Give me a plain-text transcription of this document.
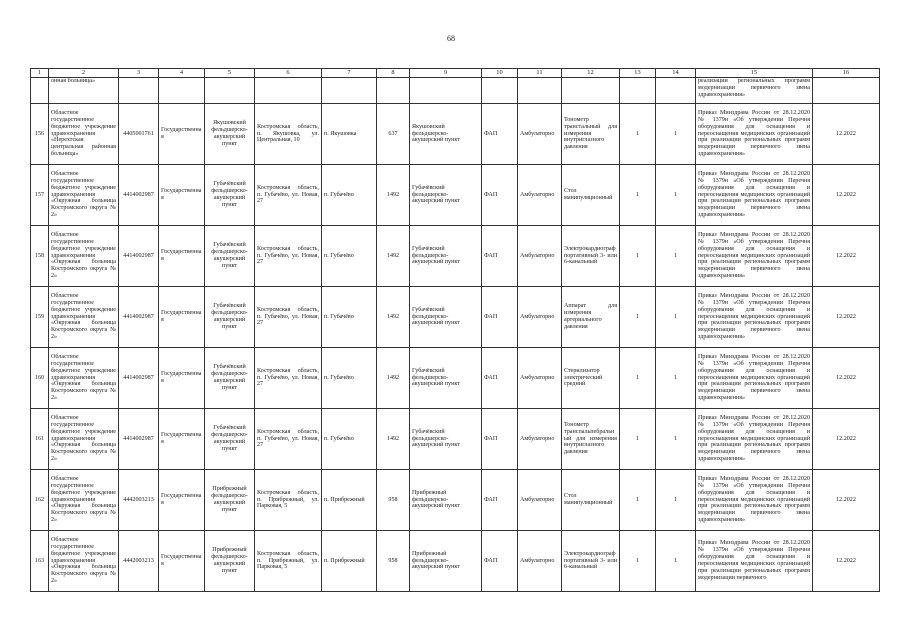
68
1	2	3	4	5	6	7	8	9	10	11	12	13	14	15	16
	онная больница»													реализации региональных программ модернизации первичного звена здравоохранения»	
156	Областное государственное бюджетное учреждение здравоохранения «Нерехтская центральная районная больница»	4405001761	Государственная	Якушовский фельдшерско-акушерский пункт	Костромская область, п. Якушовка, ул. Центральная, 10	п. Якушовка	637	Якушовский фельдшерско-акушерский пункт	ФАП	Амбулаторно	Тонометр транстальный для измерения внутриглазного давления	1	1	Приказ Минздрава России от 28.12.2020 № 1379н «Об утверждении Перечня оборудования для оснащения и переоснащения медицинских организаций при реализации региональных программ модернизации первичного звена здравоохранения»	12.2022
157	Областное государственное бюджетное учреждение здравоохранения «Окружная больница Костромского округа № 2»	4414002987	Государственная	Губачёвский фельдшерско-акушерский пункт	Костромская область, п. Губачёво, ул. Новая, 27	п. Губачёво	1492	Губачёвский фельдшерско-акушерский пункт	ФАП	Амбулаторно	Стол манипуляционный	1	1	Приказ Минздрава России от 28.12.2020 № 1379н «Об утверждении Перечня оборудования для оснащения и переоснащения медицинских организаций при реализации региональных программ модернизации первичного звена здравоохранения»	12.2022
158	Областное государственное бюджетное учреждение здравоохранения «Окружная больница Костромского округа № 2»	4414002987	Государственная	Губачёвский фельдшерско-акушерский пункт	Костромская область, п. Губачёво, ул. Новая, 27	п. Губачёво	1492	Губачёвский фельдшерско-акушерский пункт	ФАП	Амбулаторно	Электрокардиограф портативный 3- или 6-канальный	1	1	Приказ Минздрава России от 28.12.2020 № 1379н «Об утверждении Перечня оборудования для оснащения и переоснащения медицинских организаций при реализации региональных программ модернизации первичного звена здравоохранения»	12.2022
159	Областное государственное бюджетное учреждение здравоохранения «Окружная больница Костромского округа № 2»	4414002987	Государственная	Губачёвский фельдшерско-акушерский пункт	Костромская область, п. Губачёво, ул. Новая, 27	п. Губачёво	1492	Губачёвский фельдшерско-акушерский пункт	ФАП	Амбулаторно	Аппарат для измерения артериального давления	1	1	Приказ Минздрава России от 28.12.2020 № 1379н «Об утверждении Перечня оборудования для оснащения и переоснащения медицинских организаций при реализации региональных программ модернизации первичного звена здравоохранения»	12.2022
160	Областное государственное бюджетное учреждение здравоохранения «Окружная больница Костромского округа № 2»	4414002987	Государственная	Губачёвский фельдшерско-акушерский пункт	Костромская область, п. Губачёво, ул. Новая, 27	п. Губачёво	1492	Губачёвский фельдшерско-акушерский пункт	ФАП	Амбулаторно	Стерилизатор электрический средний	1	1	Приказ Минздрава России от 28.12.2020 № 1379н «Об утверждении Перечня оборудования для оснащения и переоснащения медицинских организаций при реализации региональных программ модернизации первичного звена здравоохранения»	12.2022
161	Областное государственное бюджетное учреждение здравоохранения «Окружная больница Костромского округа № 2»	4414002987	Государственная	Губачёвский фельдшерско-акушерский пункт	Костромская область, п. Губачёво, ул. Новая, 27	п. Губачёво	1492	Губачёвский фельдшерско-акушерский пункт	ФАП	Амбулаторно	Тонометр транспальпебральный для измерения внутриглазного давления	1	1	Приказ Минздрава России от 28.12.2020 № 1379н «Об утверждении Перечня оборудования для оснащения и переоснащения медицинских организаций при реализации региональных программ модернизации первичного звена здравоохранения»	12.2022
162	Областное государственное бюджетное учреждение здравоохранения «Окружная больница Костромского округа № 2»	4442003213	Государственная	Прибрежный фельдшерско-акушерский пункт	Костромская область, п. Прибрежный, ул. Парковая, 5	п. Прибрежный	958	Прибрежный фельдшерско-акушерский пункт	ФАП	Амбулаторно	Стол манипуляционный	1	1	Приказ Минздрава России от 28.12.2020 № 1379н «Об утверждении Перечня оборудования для оснащения и переоснащения медицинских организаций при реализации региональных программ модернизации первичного звена здравоохранения»	12.2022
163	Областное государственное бюджетное учреждение здравоохранения «Окружная больница Костромского округа № 2»	4442003213	Государственная	Прибрежный фельдшерско-акушерский пункт	Костромская область, п. Прибрежный, ул. Парковая, 5	п. Прибрежный	958	Прибрежный фельдшерско-акушерский пункт	ФАП	Амбулаторно	Электрокардиограф портативный 3- или 6-канальный	1	1	Приказ Минздрава России от 28.12.2020 № 1379н «Об утверждении Перечня оборудования для оснащения и переоснащения медицинских организаций при реализации региональных программ модернизации первичного	12.2022
